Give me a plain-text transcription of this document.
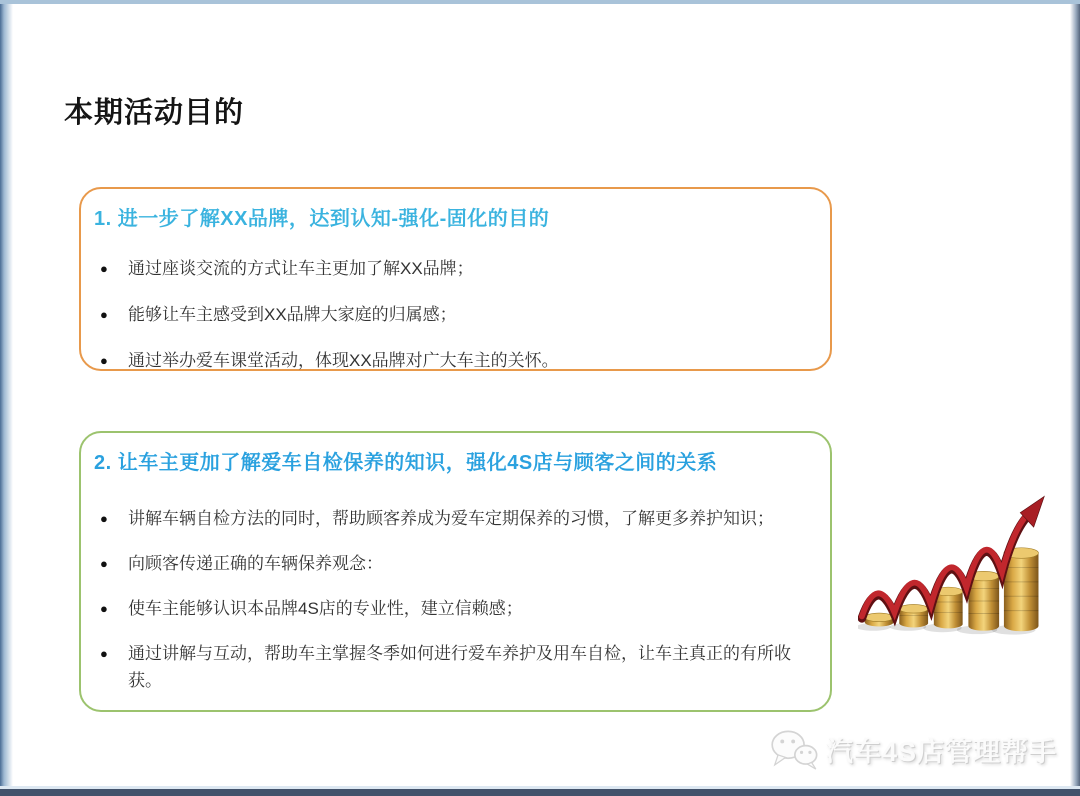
本期活动目的
1. 进一步了解XX品牌，达到认知-强化-固化的目的
●	通过座谈交流的方式让车主更加了解XX品牌；
●	能够让车主感受到XX品牌大家庭的归属感；
●	通过举办爱车课堂活动，体现XX品牌对广大车主的关怀。
2. 让车主更加了解爱车自检保养的知识，强化4S店与顾客之间的关系
●	讲解车辆自检方法的同时，帮助顾客养成为爱车定期保养的习惯，了解更多养护知识；
●	向顾客传递正确的车辆保养观念：
●	使车主能够认识本品牌4S店的专业性，建立信赖感；
●	通过讲解与互动，帮助车主掌握冬季如何进行爱车养护及用车自检，让车主真正的有所收获。
汽车4S店管理帮手
